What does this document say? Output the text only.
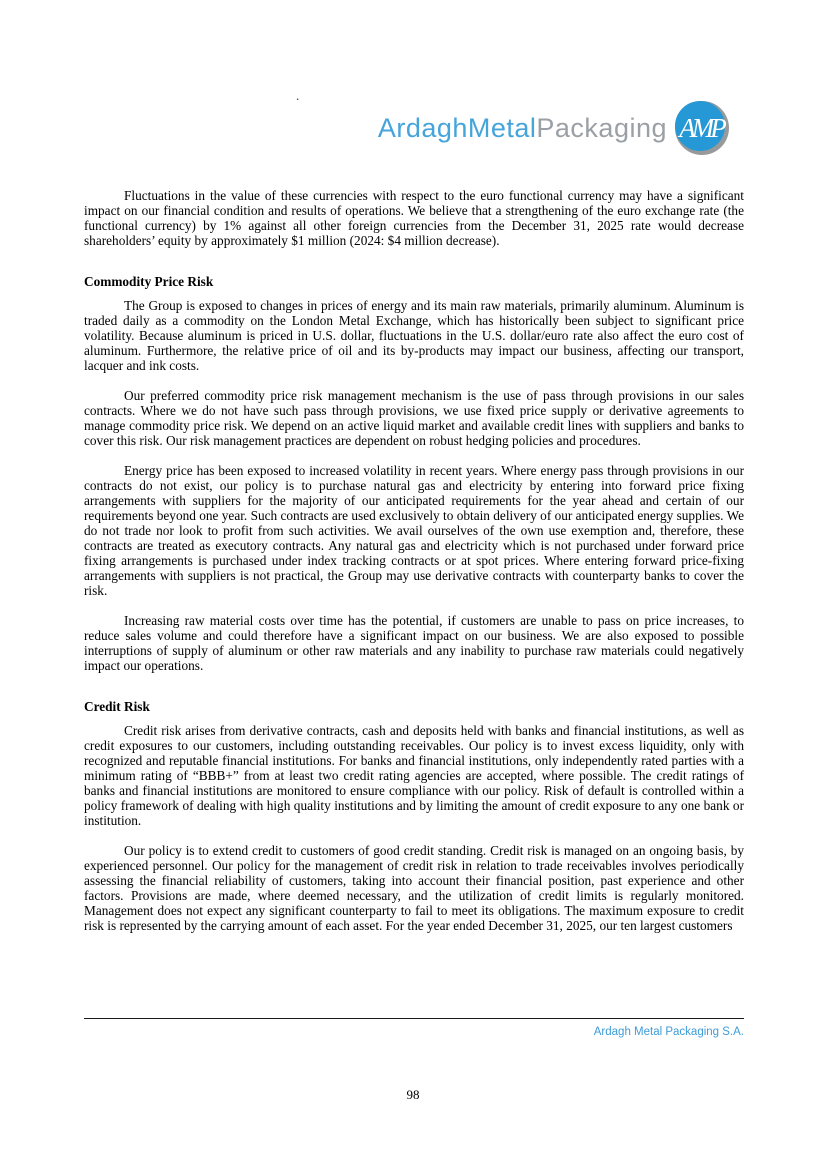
.
ArdaghMetalPackaging AMP

Fluctuations in the value of these currencies with respect to the euro functional currency may have a significant impact on our financial condition and results of operations. We believe that a strengthening of the euro exchange rate (the functional currency) by 1% against all other foreign currencies from the December 31, 2025 rate would decrease shareholders’ equity by approximately $1 million (2024: $4 million decrease).

Commodity Price Risk

The Group is exposed to changes in prices of energy and its main raw materials, primarily aluminum. Aluminum is traded daily as a commodity on the London Metal Exchange, which has historically been subject to significant price volatility. Because aluminum is priced in U.S. dollar, fluctuations in the U.S. dollar/euro rate also affect the euro cost of aluminum. Furthermore, the relative price of oil and its by-products may impact our business, affecting our transport, lacquer and ink costs.

Our preferred commodity price risk management mechanism is the use of pass through provisions in our sales contracts. Where we do not have such pass through provisions, we use fixed price supply or derivative agreements to manage commodity price risk. We depend on an active liquid market and available credit lines with suppliers and banks to cover this risk. Our risk management practices are dependent on robust hedging policies and procedures.

Energy price has been exposed to increased volatility in recent years. Where energy pass through provisions in our contracts do not exist, our policy is to purchase natural gas and electricity by entering into forward price fixing arrangements with suppliers for the majority of our anticipated requirements for the year ahead and certain of our requirements beyond one year. Such contracts are used exclusively to obtain delivery of our anticipated energy supplies. We do not trade nor look to profit from such activities. We avail ourselves of the own use exemption and, therefore, these contracts are treated as executory contracts. Any natural gas and electricity which is not purchased under forward price fixing arrangements is purchased under index tracking contracts or at spot prices. Where entering forward price-fixing arrangements with suppliers is not practical, the Group may use derivative contracts with counterparty banks to cover the risk.

Increasing raw material costs over time has the potential, if customers are unable to pass on price increases, to reduce sales volume and could therefore have a significant impact on our business. We are also exposed to possible interruptions of supply of aluminum or other raw materials and any inability to purchase raw materials could negatively impact our operations.

Credit Risk

Credit risk arises from derivative contracts, cash and deposits held with banks and financial institutions, as well as credit exposures to our customers, including outstanding receivables. Our policy is to invest excess liquidity, only with recognized and reputable financial institutions. For banks and financial institutions, only independently rated parties with a minimum rating of “BBB+” from at least two credit rating agencies are accepted, where possible. The credit ratings of banks and financial institutions are monitored to ensure compliance with our policy. Risk of default is controlled within a policy framework of dealing with high quality institutions and by limiting the amount of credit exposure to any one bank or institution.

Our policy is to extend credit to customers of good credit standing. Credit risk is managed on an ongoing basis, by experienced personnel. Our policy for the management of credit risk in relation to trade receivables involves periodically assessing the financial reliability of customers, taking into account their financial position, past experience and other factors. Provisions are made, where deemed necessary, and the utilization of credit limits is regularly monitored. Management does not expect any significant counterparty to fail to meet its obligations. The maximum exposure to credit risk is represented by the carrying amount of each asset. For the year ended December 31, 2025, our ten largest customers

Ardagh Metal Packaging S.A.
98
